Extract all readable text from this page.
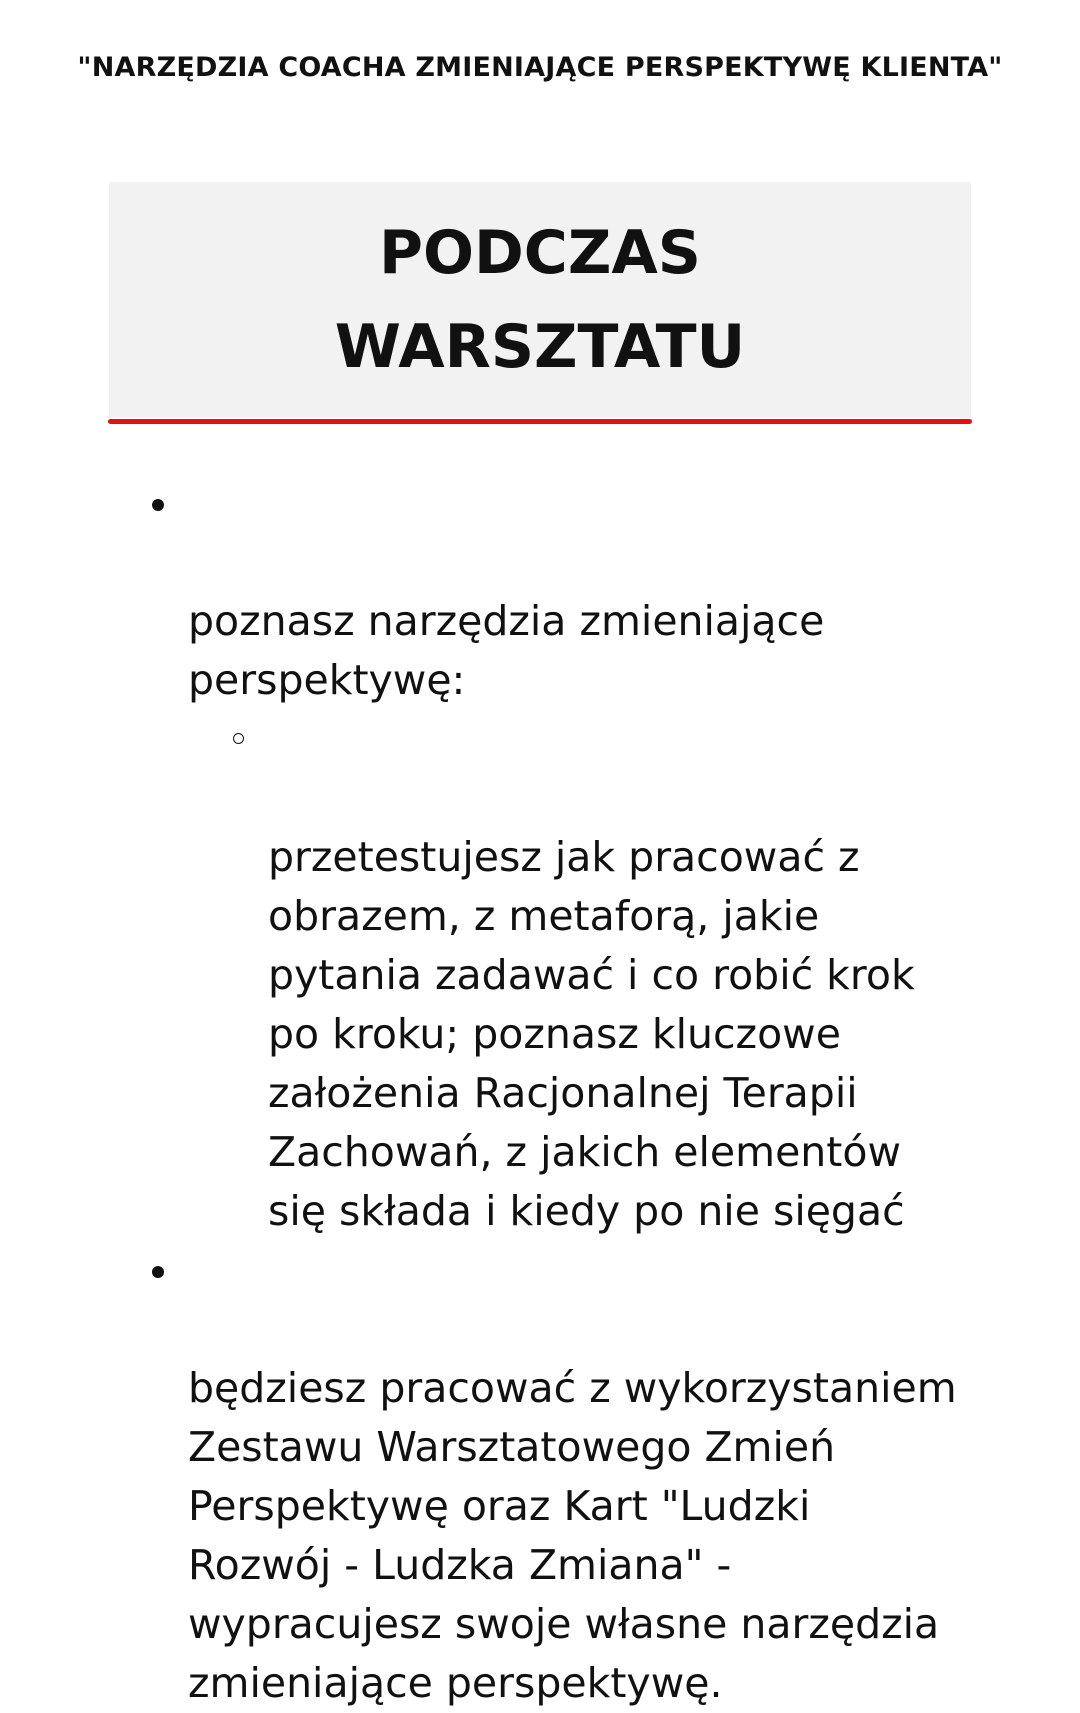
"NARZĘDZIA COACHA ZMIENIAJĄCE PERSPEKTYWĘ KLIENTA"
PODCZAS
WARSZTATU

poznasz narzędzia zmieniające
perspektywę:

przetestujesz jak pracować z
obrazem, z metaforą, jakie
pytania zadawać i co robić krok
po kroku; poznasz kluczowe
założenia Racjonalnej Terapii
Zachowań, z jakich elementów
się składa i kiedy po nie sięgać

będziesz pracować z wykorzystaniem
Zestawu Warsztatowego Zmień
Perspektywę oraz Kart "Ludzki
Rozwój - Ludzka Zmiana" -
wypracujesz swoje własne narzędzia
zmieniające perspektywę.
